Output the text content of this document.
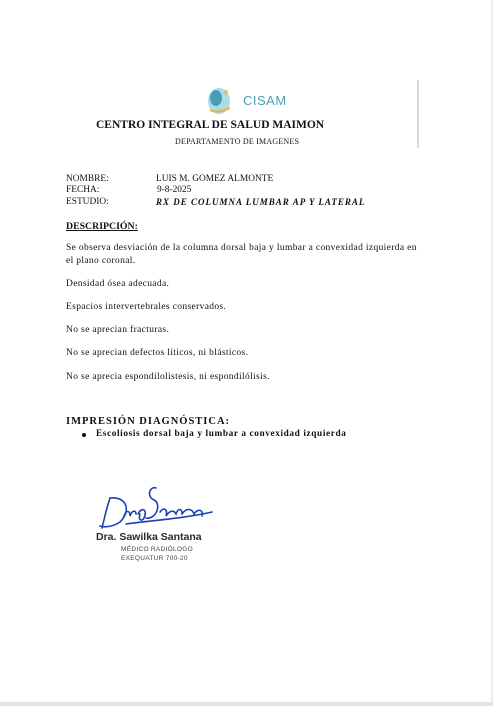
CISAM
CENTRO INTEGRAL DE SALUD MAIMON
DEPARTAMENTO DE IMAGENES
NOMBRE:	LUIS M. GOMEZ ALMONTE
FECHA:	9-8-2025
ESTUDIO:	RX DE COLUMNA LUMBAR AP Y LATERAL
DESCRIPCIÓN:
Se observa desviación de la columna dorsal baja y lumbar a convexidad izquierda en el plano coronal.
Densidad ósea adecuada.
Espacios intervertebrales conservados.
No se aprecian fracturas.
No se aprecian defectos líticos, ni blásticos.
No se aprecia espondilolistesis, ni espondilólisis.
IMPRESIÓN DIAGNÓSTICA:
Escoliosis dorsal baja y lumbar a convexidad izquierda
Dra. Sawilka Santana
MÉDICO RADIÓLOGO
EXEQUATUR 700-20
